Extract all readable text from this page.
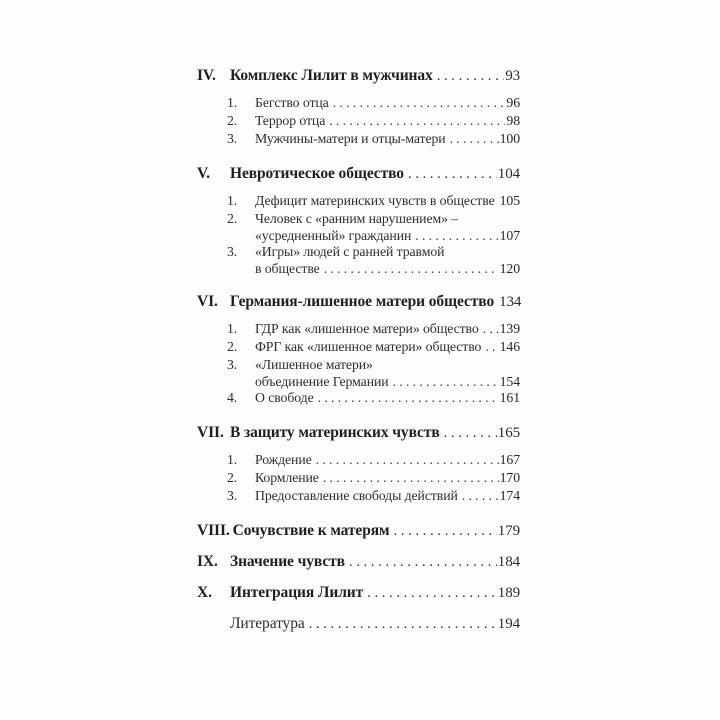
IV. Комплекс Лилит в мужчинах . . .	93
1.	Бегство отца . . .	96
2.	Террор отца . . .	98
3.	Мужчины-матери и отцы-матери . . .	100
V.	Невротическое общество . . .	104
1.	Дефицит материнских чувств в обществе 105
2.	Человек с «ранним нарушением» –
«усредненный» гражданин . . .	107
3.	«Игры» людей с ранней травмой
в обществе . . .	120
VI. Германия-лишенное матери общество 134
1.	ГДР как «лишенное матери» общество . . . 139
2.	ФРГ как «лишенное матери» общество . . . 146
3.	«Лишенное матери»
объединение Германии . . .	154
4.	О свободе . . .	161
VII. В защиту материнских чувств . . .	165
1.	Рождение . . .	167
2.	Кормление . . .	170
3.	Предоставление свободы действий . . .	174
VIII. Сочувствие к матерям . . .	179
IX. Значение чувств . . .	184
X.	Интеграция Лилит . . .	189
Литература . . .	194
